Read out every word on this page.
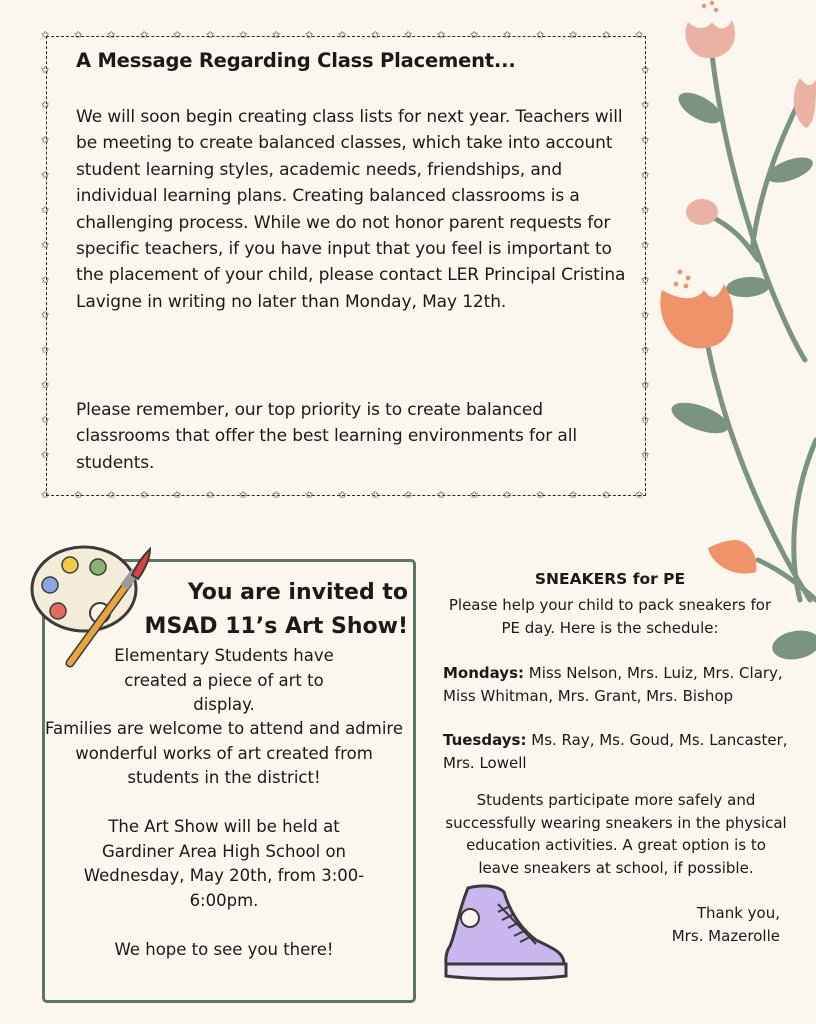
✩
✩
✩
✩
✩
✩
✩
✩
✩
✩
✩
✩
✩
✩
✩
✩
✩
✩
✩
✩
✩
✩
✩
✩
✩
✩
✩
✩
✩
✩
✩
✩
✩
✩
✩
✩
✩
✩
✩	✩
✩	✩
✩	✩
✩	✩
✩	✩
✩	✩
✩	✩
✩	✩
✩	✩
✩	✩
✩	✩
✩	✩
A Message Regarding Class Placement...
We will soon begin creating class lists for next year. Teachers will be meeting to create balanced classes, which take into account student learning styles, academic needs, friendships, and individual learning plans. Creating balanced classrooms is a challenging process. While we do not honor parent requests for specific teachers, if you have input that you feel is important to the placement of your child, please contact LER Principal Cristina Lavigne in writing no later than Monday, May 12th.
Please remember, our top priority is to create balanced classrooms that offer the best learning environments for all students.
You are invited to
MSAD 11’s Art Show!
Elementary Students have created a piece of art to display.
Families are welcome to attend and admire wonderful works of art created from students in the district!
The Art Show will be held at Gardiner Area High School on Wednesday, May 20th, from 3:00-6:00pm.
We hope to see you there!
SNEAKERS for PE
Please help your child to pack sneakers for PE day. Here is the schedule:
Mondays: Miss Nelson, Mrs. Luiz, Mrs. Clary, Miss Whitman, Mrs. Grant, Mrs. Bishop
Tuesdays: Ms. Ray, Ms. Goud, Ms. Lancaster, Mrs. Lowell
Students participate more safely and successfully wearing sneakers in the physical education activities. A great option is to leave sneakers at school, if possible.
Thank you,
Mrs. Mazerolle
